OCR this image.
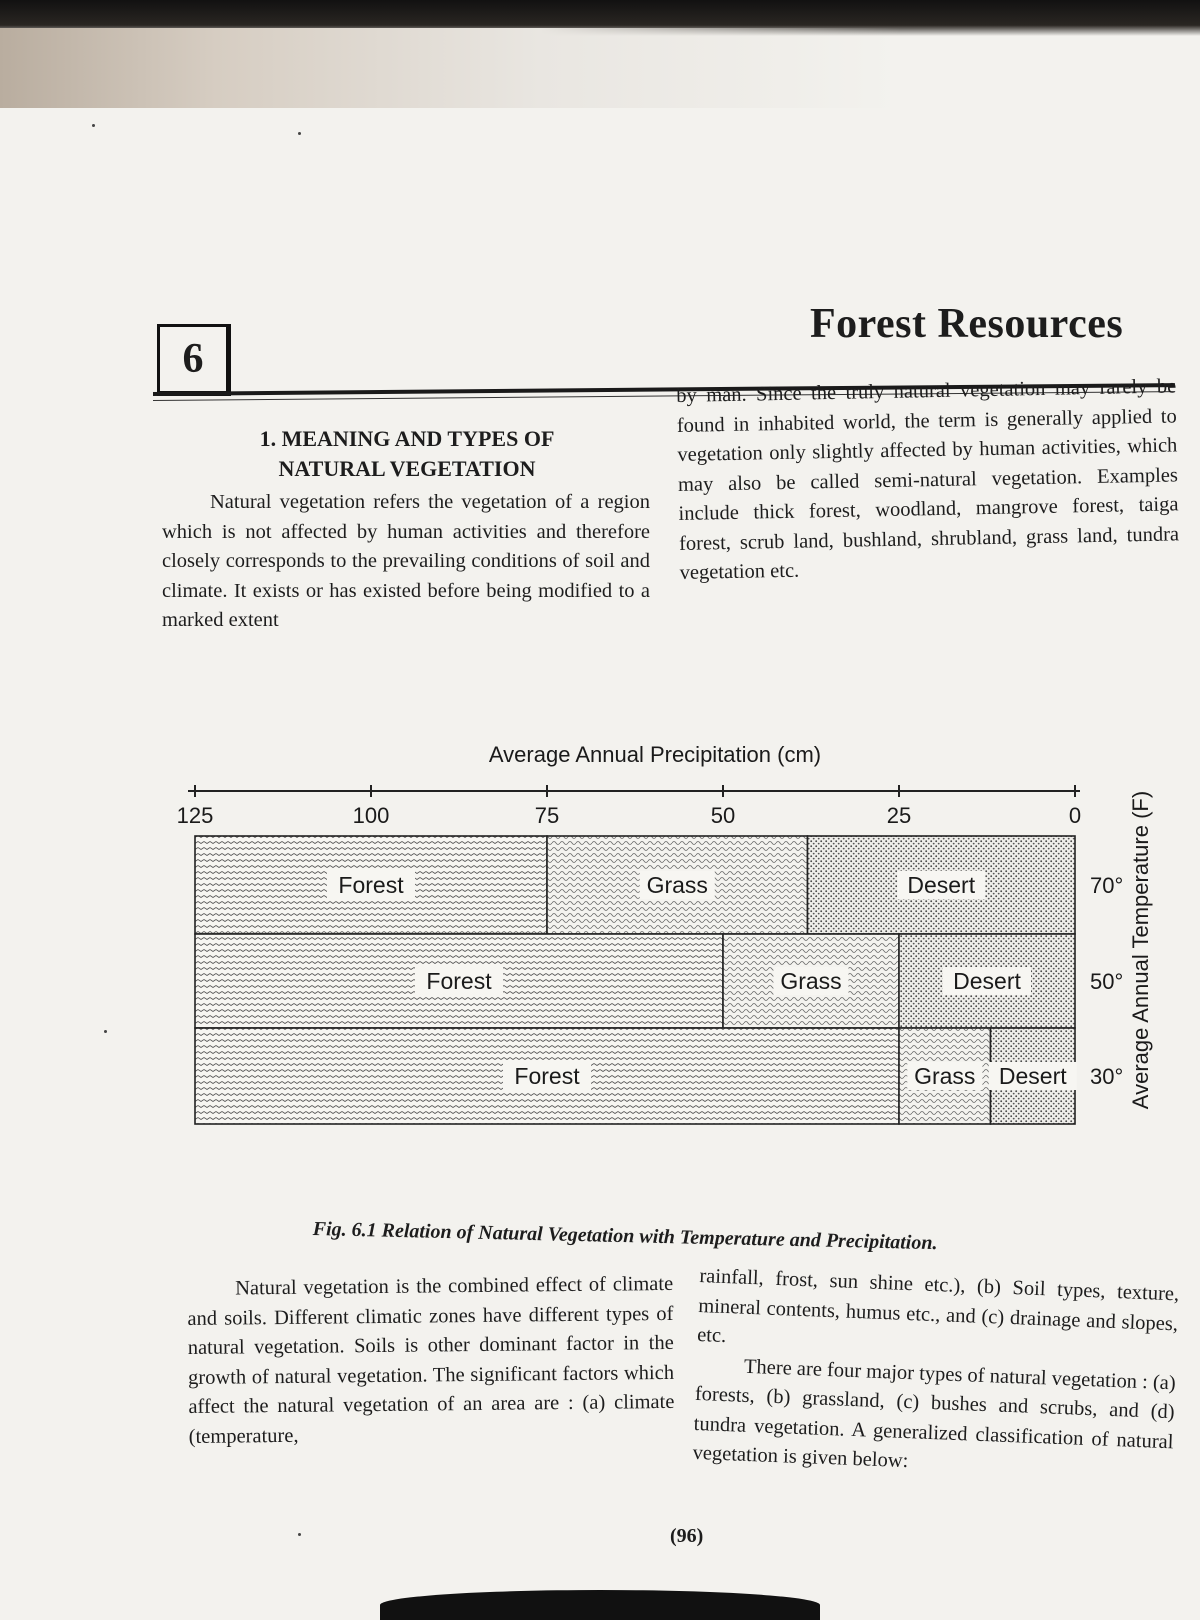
6
Forest Resources
1. MEANING AND TYPES OF
NATURAL VEGETATION

Natural vegetation refers the vegetation of a region which is not affected by human activities and therefore closely corresponds to the prevailing conditions of soil and climate. It exists or has existed before being modified to a marked extent

by man. Since the truly natural vegetation may rarely be found in inhabited world, the term is generally applied to vegetation only slightly affected by human activities, which may also be called semi-natural vegetation. Examples include thick forest, woodland, mangrove forest, taiga forest, scrub land, bushland, shrubland, grass land, tundra vegetation etc.

Average Annual Precipitation (cm)
125	100	75	50	25	0
Forest	Grass	Desert
Forest	Grass	Desert
Forest	Grass Desert
70°
50°
30° Average Annual Temperature (F)
Fig. 6.1 Relation of Natural Vegetation with Temperature and Precipitation.

Natural vegetation is the combined effect of climate and soils. Different climatic zones have different types of natural vegetation. Soils is other dominant factor in the growth of natural vegetation. The significant factors which affect the natural vegetation of an area are : (a) climate (temperature,

rainfall, frost, sun shine etc.), (b) Soil types, texture, mineral contents, humus etc., and (c) drainage and slopes, etc.

There are four major types of natural vegetation : (a) forests, (b) grassland, (c) bushes and scrubs, and (d) tundra vegetation. A generalized classification of natural vegetation is given below:

(96)
